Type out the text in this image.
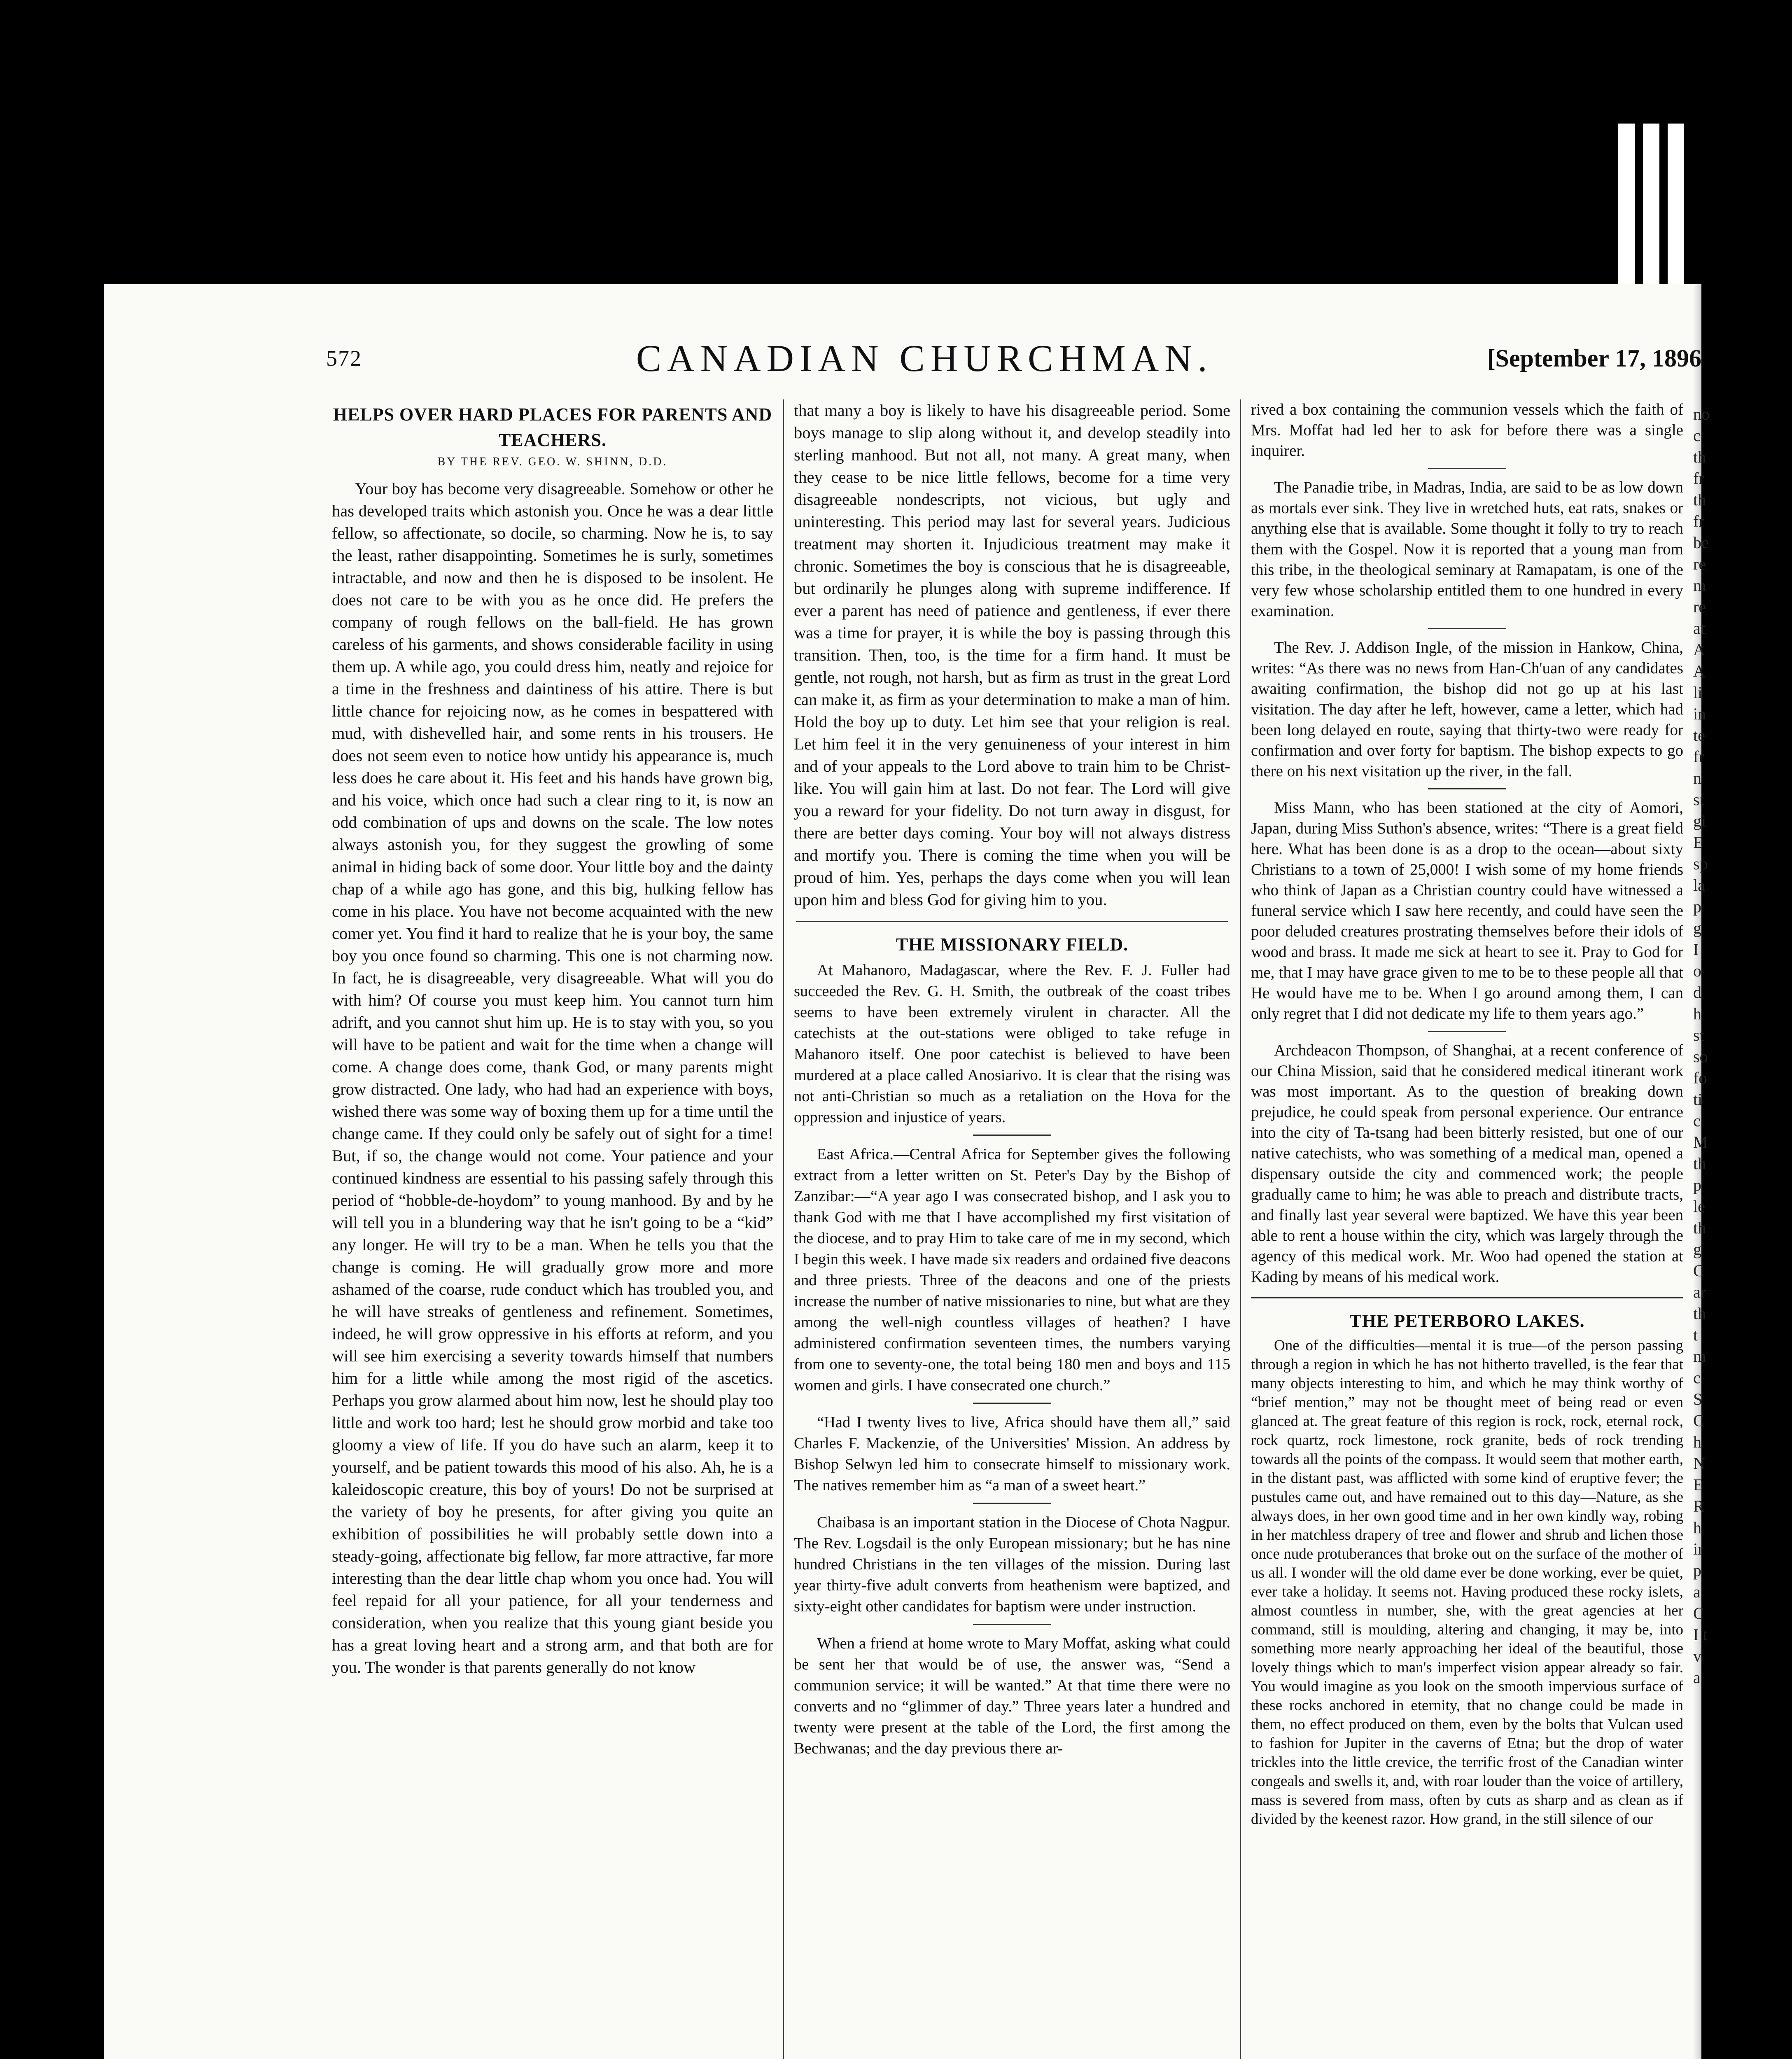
572	CANADIAN CHURCHMAN.	[September 17, 1896
HELPS OVER HARD PLACES FOR PARENTS AND
TEACHERS.
BY THE REV. GEO. W. SHINN, D.D.

Your boy has become very disagreeable. Somehow or other he has developed traits which astonish you. Once he was a dear little fellow, so affectionate, so docile, so charming. Now he is, to say the least, rather disappointing. Sometimes he is surly, sometimes intractable, and now and then he is disposed to be insolent. He does not care to be with you as he once did. He prefers the company of rough fellows on the ball-field. He has grown careless of his garments, and shows considerable facility in using them up. A while ago, you could dress him, neatly and rejoice for a time in the freshness and daintiness of his attire. There is but little chance for rejoicing now, as he comes in bespattered with mud, with dishevelled hair, and some rents in his trousers. He does not seem even to notice how untidy his appearance is, much less does he care about it. His feet and his hands have grown big, and his voice, which once had such a clear ring to it, is now an odd combination of ups and downs on the scale. The low notes always astonish you, for they suggest the growling of some animal in hiding back of some door. Your little boy and the dainty chap of a while ago has gone, and this big, hulking fellow has come in his place. You have not become acquainted with the new comer yet. You find it hard to realize that he is your boy, the same boy you once found so charming. This one is not charming now. In fact, he is disagreeable, very disagreeable. What will you do with him? Of course you must keep him. You cannot turn him adrift, and you cannot shut him up. He is to stay with you, so you will have to be patient and wait for the time when a change will come. A change does come, thank God, or many parents might grow distracted. One lady, who had had an experience with boys, wished there was some way of boxing them up for a time until the change came. If they could only be safely out of sight for a time! But, if so, the change would not come. Your patience and your continued kindness are essential to his passing safely through this period of “hobble-de-hoydom” to young manhood. By and by he will tell you in a blundering way that he isn't going to be a “kid” any longer. He will try to be a man. When he tells you that the change is coming. He will gradually grow more and more ashamed of the coarse, rude conduct which has troubled you, and he will have streaks of gentleness and refinement. Sometimes, indeed, he will grow oppressive in his efforts at reform, and you will see him exercising a severity towards himself that numbers him for a little while among the most rigid of the ascetics. Perhaps you grow alarmed about him now, lest he should play too little and work too hard; lest he should grow morbid and take too gloomy a view of life. If you do have such an alarm, keep it to yourself, and be patient towards this mood of his also. Ah, he is a kaleidoscopic creature, this boy of yours! Do not be surprised at the variety of boy he presents, for after giving you quite an exhibition of possibilities he will probably settle down into a steady-going, affectionate big fellow, far more attractive, far more interesting than the dear little chap whom you once had. You will feel repaid for all your patience, for all your tenderness and consideration, when you realize that this young giant beside you has a great loving heart and a strong arm, and that both are for you. The wonder is that parents generally do not know

that many a boy is likely to have his disagreeable period. Some boys manage to slip along without it, and develop steadily into sterling manhood. But not all, not many. A great many, when they cease to be nice little fellows, become for a time very disagreeable nondescripts, not vicious, but ugly and uninteresting. This period may last for several years. Judicious treatment may shorten it. Injudicious treatment may make it chronic. Sometimes the boy is conscious that he is disagreeable, but ordinarily he plunges along with supreme indifference. If ever a parent has need of patience and gentleness, if ever there was a time for prayer, it is while the boy is passing through this transition. Then, too, is the time for a firm hand. It must be gentle, not rough, not harsh, but as firm as trust in the great Lord can make it, as firm as your determination to make a man of him. Hold the boy up to duty. Let him see that your religion is real. Let him feel it in the very genuineness of your interest in him and of your appeals to the Lord above to train him to be Christ-like. You will gain him at last. Do not fear. The Lord will give you a reward for your fidelity. Do not turn away in disgust, for there are better days coming. Your boy will not always distress and mortify you. There is coming the time when you will be proud of him. Yes, perhaps the days come when you will lean upon him and bless God for giving him to you.

THE MISSIONARY FIELD.

At Mahanoro, Madagascar, where the Rev. F. J. Fuller had succeeded the Rev. G. H. Smith, the outbreak of the coast tribes seems to have been extremely virulent in character. All the catechists at the out-stations were obliged to take refuge in Mahanoro itself. One poor catechist is believed to have been murdered at a place called Anosiarivo. It is clear that the rising was not anti-Christian so much as a retaliation on the Hova for the oppression and injustice of years.

East Africa.—Central Africa for September gives the following extract from a letter written on St. Peter's Day by the Bishop of Zanzibar:—“A year ago I was consecrated bishop, and I ask you to thank God with me that I have accomplished my first visitation of the diocese, and to pray Him to take care of me in my second, which I begin this week. I have made six readers and ordained five deacons and three priests. Three of the deacons and one of the priests increase the number of native missionaries to nine, but what are they among the well-nigh countless villages of heathen? I have administered confirmation seventeen times, the numbers varying from one to seventy-one, the total being 180 men and boys and 115 women and girls. I have consecrated one church.”

“Had I twenty lives to live, Africa should have them all,” said Charles F. Mackenzie, of the Universities' Mission. An address by Bishop Selwyn led him to consecrate himself to missionary work. The natives remember him as “a man of a sweet heart.”

Chaibasa is an important station in the Diocese of Chota Nagpur. The Rev. Logsdail is the only European missionary; but he has nine hundred Christians in the ten villages of the mission. During last year thirty-five adult converts from heathenism were baptized, and sixty-eight other candidates for baptism were under instruction.

When a friend at home wrote to Mary Moffat, asking what could be sent her that would be of use, the answer was, “Send a communion service; it will be wanted.” At that time there were no converts and no “glimmer of day.” Three years later a hundred and twenty were present at the table of the Lord, the first among the Bechwanas; and the day previous there ar-

rived a box containing the communion vessels which the faith of Mrs. Moffat had led her to ask for before there was a single inquirer.

The Panadie tribe, in Madras, India, are said to be as low down as mortals ever sink. They live in wretched huts, eat rats, snakes or anything else that is available. Some thought it folly to try to reach them with the Gospel. Now it is reported that a young man from this tribe, in the theological seminary at Ramapatam, is one of the very few whose scholarship entitled them to one hundred in every examination.

The Rev. J. Addison Ingle, of the mission in Hankow, China, writes: “As there was no news from Han-Ch'uan of any candidates awaiting confirmation, the bishop did not go up at his last visitation. The day after he left, however, came a letter, which had been long delayed en route, saying that thirty-two were ready for confirmation and over forty for baptism. The bishop expects to go there on his next visitation up the river, in the fall.

Miss Mann, who has been stationed at the city of Aomori, Japan, during Miss Suthon's absence, writes: “There is a great field here. What has been done is as a drop to the ocean—about sixty Christians to a town of 25,000! I wish some of my home friends who think of Japan as a Christian country could have witnessed a funeral service which I saw here recently, and could have seen the poor deluded creatures prostrating themselves before their idols of wood and brass. It made me sick at heart to see it. Pray to God for me, that I may have grace given to me to be to these people all that He would have me to be. When I go around among them, I can only regret that I did not dedicate my life to them years ago.”

Archdeacon Thompson, of Shanghai, at a recent conference of our China Mission, said that he considered medical itinerant work was most important. As to the question of breaking down prejudice, he could speak from personal experience. Our entrance into the city of Ta-tsang had been bitterly resisted, but one of our native catechists, who was something of a medical man, opened a dispensary outside the city and commenced work; the people gradually came to him; he was able to preach and distribute tracts, and finally last year several were baptized. We have this year been able to rent a house within the city, which was largely through the agency of this medical work. Mr. Woo had opened the station at Kading by means of his medical work.

THE PETERBORO LAKES.

One of the difficulties—mental it is true—of the person passing through a region in which he has not hitherto travelled, is the fear that many objects interesting to him, and which he may think worthy of “brief mention,” may not be thought meet of being read or even glanced at. The great feature of this region is rock, rock, eternal rock, rock quartz, rock limestone, rock granite, beds of rock trending towards all the points of the compass. It would seem that mother earth, in the distant past, was afflicted with some kind of eruptive fever; the pustules came out, and have remained out to this day—Nature, as she always does, in her own good time and in her own kindly way, robing in her matchless drapery of tree and flower and shrub and lichen those once nude protuberances that broke out on the surface of the mother of us all. I wonder will the old dame ever be done working, ever be quiet, ever take a holiday. It seems not. Having produced these rocky islets, almost countless in number, she, with the great agencies at her command, still is moulding, altering and changing, it may be, into something more nearly approaching her ideal of the beautiful, those lovely things which to man's imperfect vision appear already so fair. You would imagine as you look on the smooth impervious surface of these rocks anchored in eternity, that no change could be made in them, no effect produced on them, even by the bolts that Vulcan used to fashion for Jupiter in the caverns of Etna; but the drop of water trickles into the little crevice, the terrific frost of the Canadian winter congeals and swells it, and, with roar louder than the voice of artillery, mass is severed from mass, often by cuts as sharp and as clean as if divided by the keenest razor. How grand, in the still silence of our

no c th fr th fr be re m re at A A li in te fr n st gi E sp la p g I o d h st so fo ti c M th p le th g C ar th t m c S C h N E R h ir p a C I t v a
